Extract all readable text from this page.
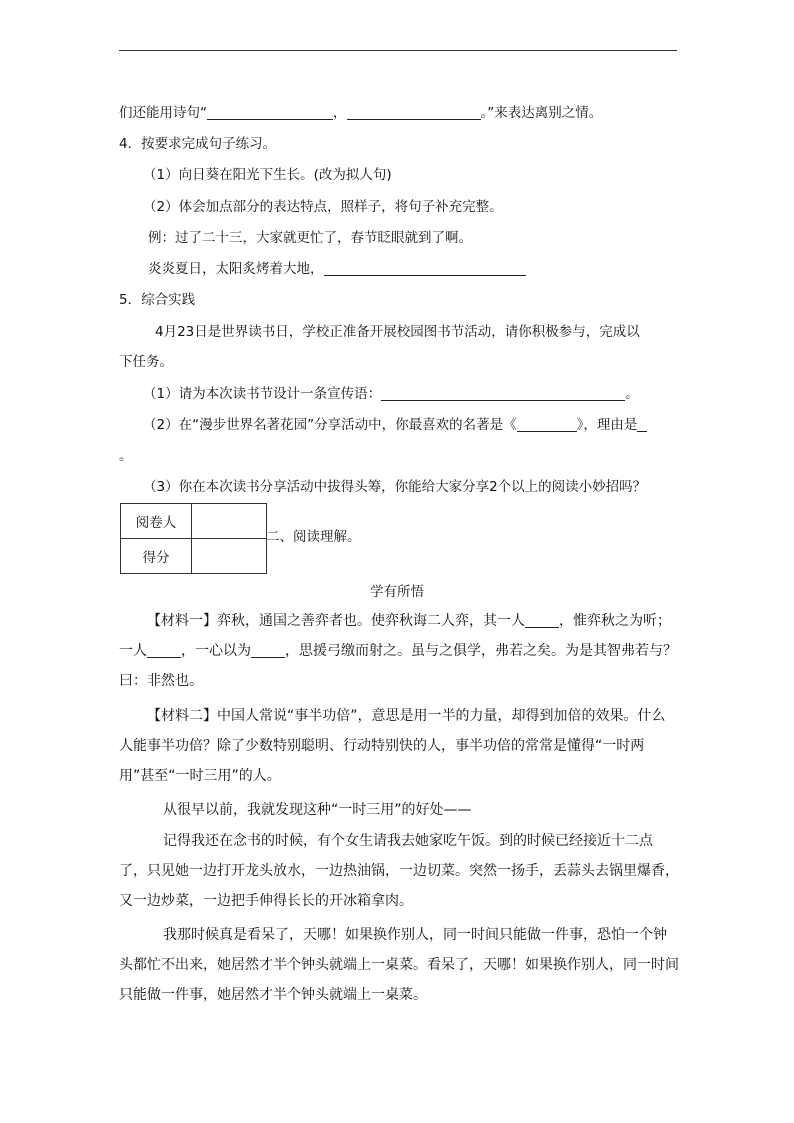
们还能用诗句“	，	。”来表达离别之情。
4．按要求完成句子练习。
（1）向日葵在阳光下生长。(改为拟人句)
（2）体会加点部分的表达特点，照样子，将句子补充完整。
例：过了二十三，大家就更忙了，春节眨眼就到了啊。
炎炎夏日，太阳炙烤着大地，
5．综合实践
4月23日是世界读书日，学校正准备开展校园图书节活动，请你积极参与，完成以
下任务。
（1）请为本次读书节设计一条宣传语：	。
（2）在“漫步世界名著花园”分享活动中，你最喜欢的名著是《	》，理由是
。
（3）你在本次读书分享活动中拔得头筹，你能给大家分享2个以上的阅读小妙招吗？
阅卷人	
得分	
二、阅读理解。
学有所悟
【材料一】弈秋，通国之善弈者也。使弈秋诲二人弈，其一人 ，惟弈秋之为听；一人 ，一心以为 ，思援弓缴而射之。虽与之俱学，弗若之矣。为是其智弗若与？曰：非然也。
【材料二】中国人常说“事半功倍”，意思是用一半的力量，却得到加倍的效果。什么人能事半功倍？除了少数特别聪明、行动特别快的人，事半功倍的常常是懂得“一时两用”甚至“一时三用”的人。
从很早以前，我就发现这种“一时三用”的好处——
记得我还在念书的时候，有个女生请我去她家吃午饭。到的时候已经接近十二点了，只见她一边打开龙头放水，一边热油锅，一边切菜。突然一扬手，丢蒜头去锅里爆香，又一边炒菜，一边把手伸得长长的开冰箱拿肉。
我那时候真是看呆了，天哪！如果换作别人，同一时间只能做一件事，恐怕一个钟头都忙不出来，她居然才半个钟头就端上一桌菜。看呆了，天哪！如果换作别人，同一时间只能做一件事，她居然才半个钟头就端上一桌菜。
